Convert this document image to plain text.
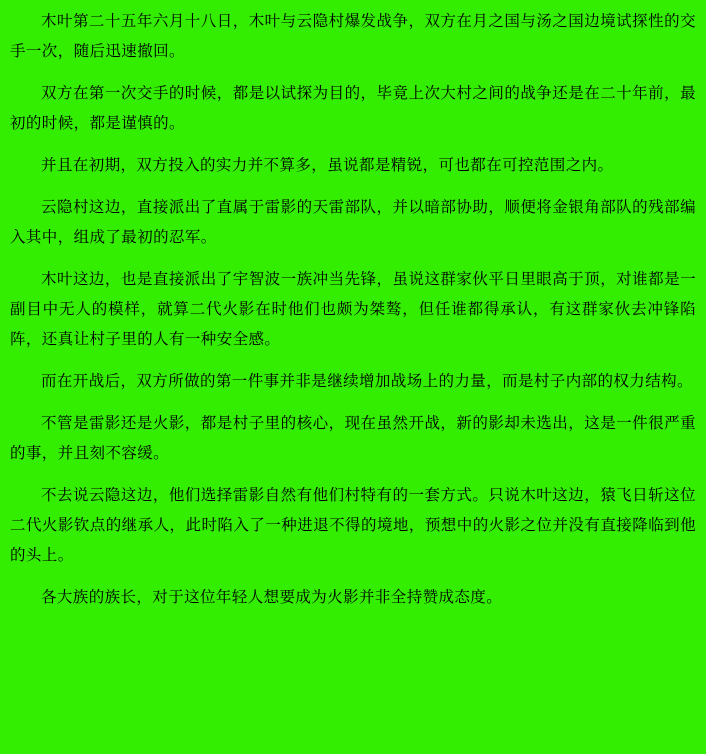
木叶第二十五年六月十八日，木叶与云隐村爆发战争，双方在月之国与汤之国边境试探性的交手一次，随后迅速撤回。

双方在第一次交手的时候，都是以试探为目的，毕竟上次大村之间的战争还是在二十年前，最初的时候，都是谨慎的。

并且在初期，双方投入的实力并不算多，虽说都是精锐，可也都在可控范围之内。

云隐村这边，直接派出了直属于雷影的天雷部队，并以暗部协助，顺便将金银角部队的残部编入其中，组成了最初的忍军。

木叶这边，也是直接派出了宇智波一族冲当先锋，虽说这群家伙平日里眼高于顶，对谁都是一副目中无人的模样，就算二代火影在时他们也颇为桀骜，但任谁都得承认，有这群家伙去冲锋陷阵，还真让村子里的人有一种安全感。

而在开战后，双方所做的第一件事并非是继续增加战场上的力量，而是村子内部的权力结构。

不管是雷影还是火影，都是村子里的核心，现在虽然开战，新的影却未选出，这是一件很严重的事，并且刻不容缓。

不去说云隐这边，他们选择雷影自然有他们村特有的一套方式。只说木叶这边，猿飞日斩这位二代火影钦点的继承人，此时陷入了一种进退不得的境地，预想中的火影之位并没有直接降临到他的头上。

各大族的族长，对于这位年轻人想要成为火影并非全持赞成态度。
